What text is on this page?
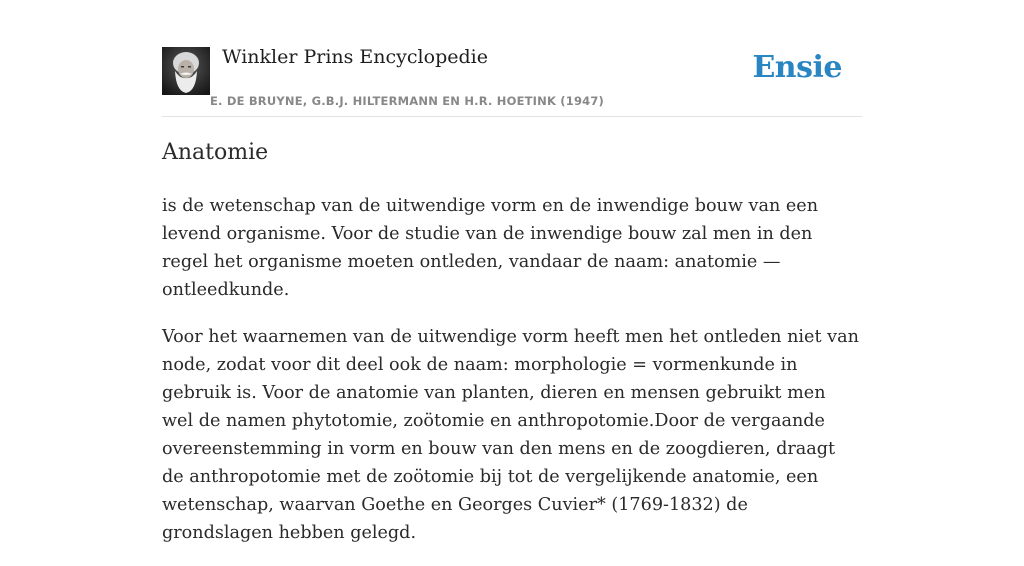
Winkler Prins Encyclopedie	Ensie
E. DE BRUYNE, G.B.J. HILTERMANN EN H.R. HOETINK (1947)
Anatomie

is de wetenschap van de uitwendige vorm en de inwendige bouw van een levend organisme. Voor de studie van de inwendige bouw zal men in den regel het organisme moeten ontleden, vandaar de naam: anatomie — ontleedkunde.

Voor het waarnemen van de uitwendige vorm heeft men het ontleden niet van node, zodat voor dit deel ook de naam: morphologie = vormenkunde in gebruik is. Voor de anatomie van planten, dieren en mensen gebruikt men wel de namen phytotomie, zoötomie en anthropotomie.Door de vergaande overeenstemming in vorm en bouw van den mens en de zoogdieren, draagt de anthropotomie met de zoötomie bij tot de vergelijkende anatomie, een wetenschap, waarvan Goethe en Georges Cuvier* (1769-1832) de grondslagen hebben gelegd.
